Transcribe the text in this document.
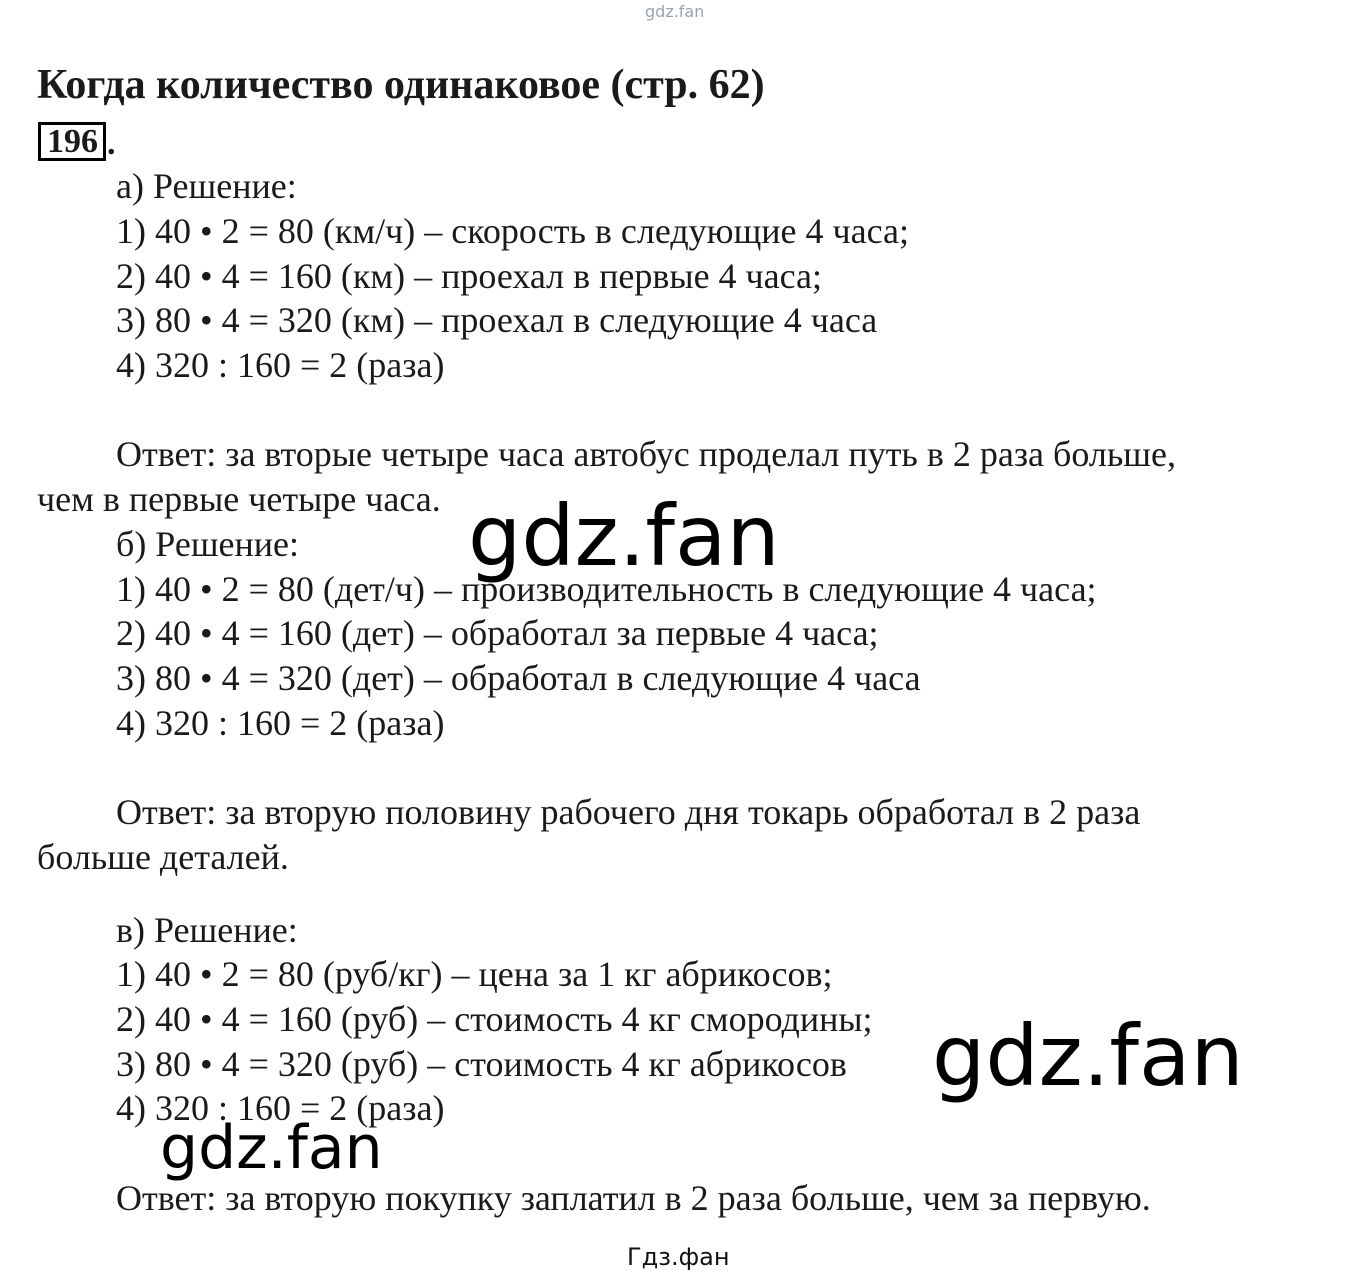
gdz.fan
Когда количество одинаковое (стр. 62)
196 .
а) Решение:
1) 40 • 2 = 80 (км/ч) – скорость в следующие 4 часа;
2) 40 • 4 = 160 (км) – проехал в первые 4 часа;
3) 80 • 4 = 320 (км) – проехал в следующие 4 часа
4) 320 : 160 = 2 (раза)
Ответ: за вторые четыре часа автобус проделал путь в 2 раза больше,
чем в первые четыре часа.
б) Решение:
1) 40 • 2 = 80 (дет/ч) – производительность в следующие 4 часа;
2) 40 • 4 = 160 (дет) – обработал за первые 4 часа;
3) 80 • 4 = 320 (дет) – обработал в следующие 4 часа
4) 320 : 160 = 2 (раза)
Ответ: за вторую половину рабочего дня токарь обработал в 2 раза
больше деталей.
в) Решение:
1) 40 • 2 = 80 (руб/кг) – цена за 1 кг абрикосов;
2) 40 • 4 = 160 (руб) – стоимость 4 кг смородины;
3) 80 • 4 = 320 (руб) – стоимость 4 кг абрикосов
4) 320 : 160 = 2 (раза)
Ответ: за вторую покупку заплатил в 2 раза больше, чем за первую.
gdz.fan
gdz.fan
gdz.fan
Гдз.фан
